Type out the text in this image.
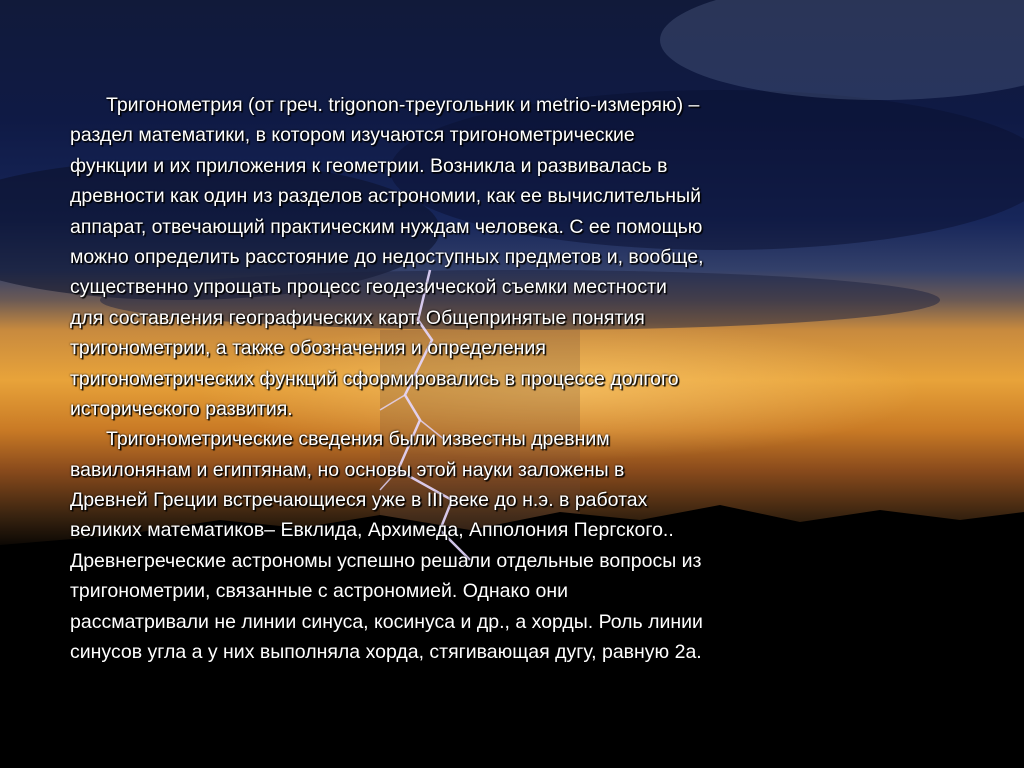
Тригонометрия (от греч. trigonon-треугольник и metrio-измеряю) –
раздел математики, в котором изучаются тригонометрические
функции и их приложения к геометрии. Возникла и развивалась в
древности как один из разделов астрономии, как ее вычислительный
аппарат, отвечающий практическим нуждам человека. С ее помощью
можно определить расстояние до недоступных предметов и, вообще,
существенно упрощать процесс геодезической съемки местности
для составления географических карт. Общепринятые понятия
тригонометрии, а также обозначения и определения
тригонометрических функций сформировались в процессе долгого
исторического развития.
Тригонометрические сведения были известны древним
вавилонянам и египтянам, но основы этой науки заложены в
Древней Греции встречающиеся уже в III веке до н.э. в работах
великих математиков– Евклида, Архимеда, Апполония Пергского..
Древнегреческие астрономы успешно решали отдельные вопросы из
тригонометрии, связанные с астрономией. Однако они
рассматривали не линии синуса, косинуса и др., а хорды. Роль линии
синусов угла а у них выполняла хорда, стягивающая дугу, равную 2а.
